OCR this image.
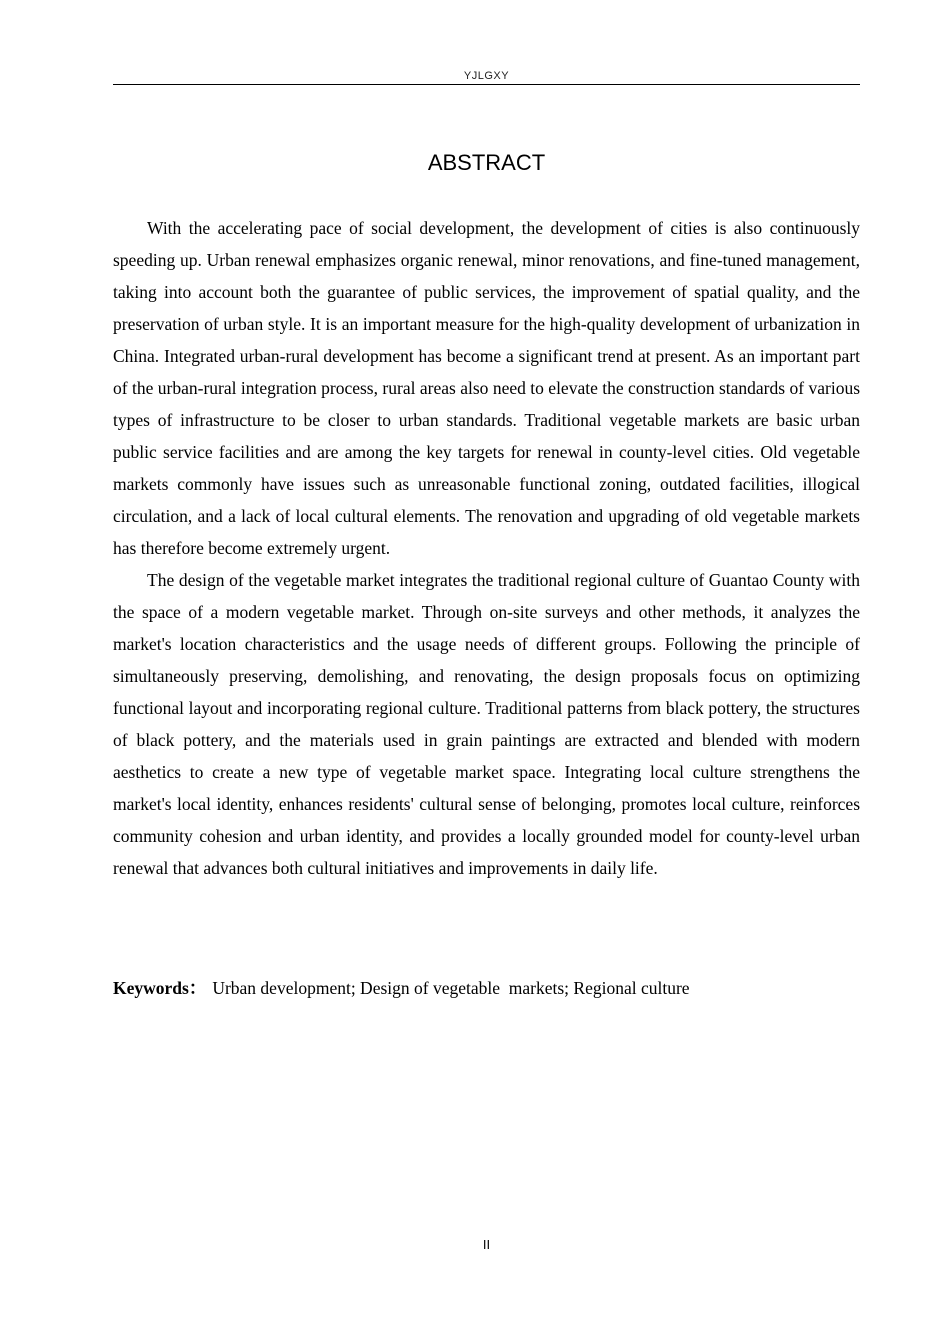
YJLGXY
ABSTRACT

With the accelerating pace of social development, the development of cities is also continuously speeding up. Urban renewal emphasizes organic renewal, minor renovations, and fine-tuned management, taking into account both the guarantee of public services, the improvement of spatial quality, and the preservation of urban style. It is an important measure for the high-quality development of urbanization in China. Integrated urban-rural development has become a significant trend at present. As an important part of the urban-rural integration process, rural areas also need to elevate the construction standards of various types of infrastructure to be closer to urban standards. Traditional vegetable markets are basic urban public service facilities and are among the key targets for renewal in county-level cities. Old vegetable markets commonly have issues such as unreasonable functional zoning, outdated facilities, illogical circulation, and a lack of local cultural elements. The renovation and upgrading of old vegetable markets has therefore become extremely urgent.

The design of the vegetable market integrates the traditional regional culture of Guantao County with the space of a modern vegetable market. Through on-site surveys and other methods, it analyzes the market's location characteristics and the usage needs of different groups. Following the principle of simultaneously preserving, demolishing, and renovating, the design proposals focus on optimizing functional layout and incorporating regional culture. Traditional patterns from black pottery, the structures of black pottery, and the materials used in grain paintings are extracted and blended with modern aesthetics to create a new type of vegetable market space. Integrating local culture strengthens the market's local identity, enhances residents' cultural sense of belonging, promotes local culture, reinforces community cohesion and urban identity, and provides a locally grounded model for county-level urban renewal that advances both cultural initiatives and improvements in daily life.

Keywords： Urban development; Design of vegetable  markets; Regional culture

II
